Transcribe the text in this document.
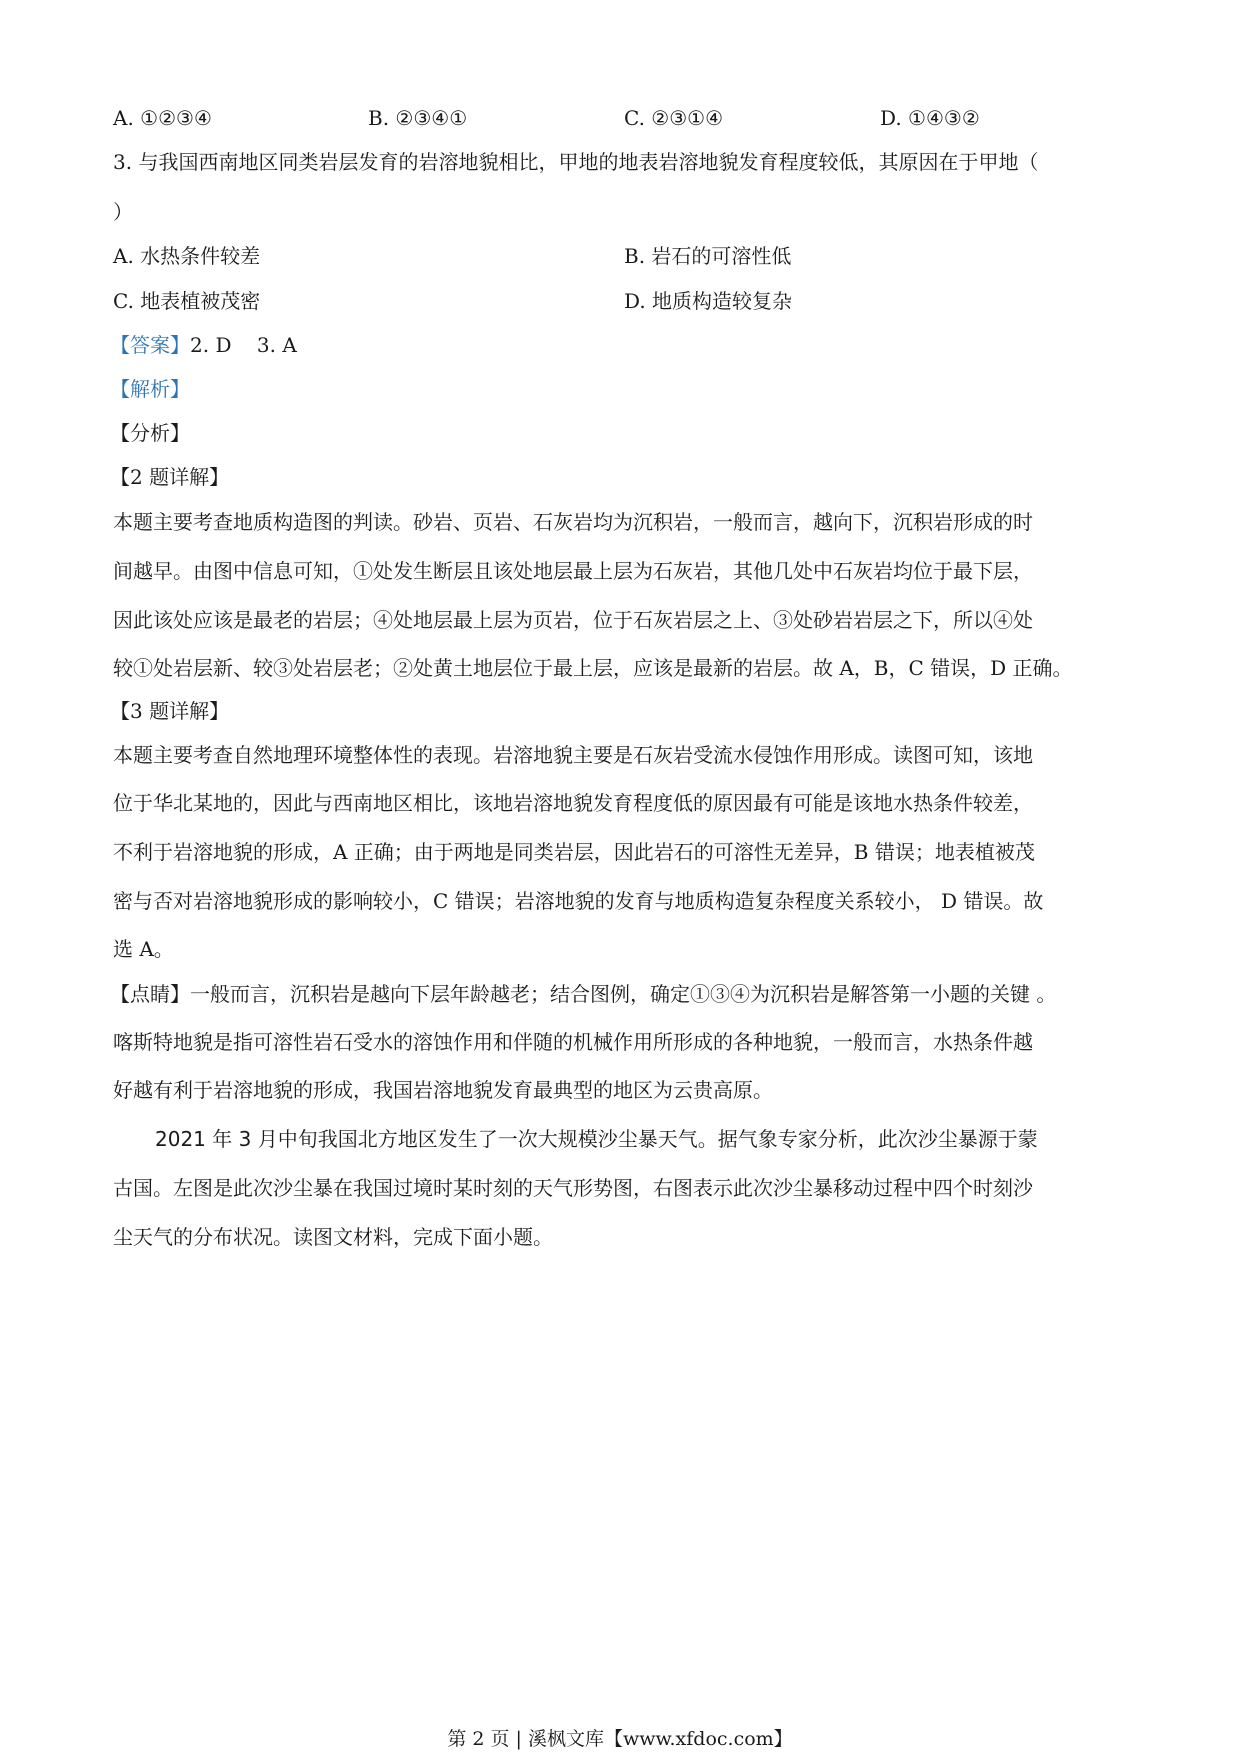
A. ①②③④	B. ②③④①	C. ②③①④	D. ①④③②
3. 与我国西南地区同类岩层发育的岩溶地貌相比，甲地的地表岩溶地貌发育程度较低，其原因在于甲地（
）
A. 水热条件较差	B. 岩石的可溶性低
C. 地表植被茂密	D. 地质构造较复杂
【答案】2. D    3. A
【解析】
【分析】
【2 题详解】
本题主要考查地质构造图的判读。砂岩、页岩、石灰岩均为沉积岩，一般而言，越向下，沉积岩形成的时
间越早。由图中信息可知，①处发生断层且该处地层最上层为石灰岩，其他几处中石灰岩均位于最下层，
因此该处应该是最老的岩层；④处地层最上层为页岩，位于石灰岩层之上、③处砂岩岩层之下，所以④处
较①处岩层新、较③处岩层老；②处黄土地层位于最上层，应该是最新的岩层。故 A，B，C 错误，D 正确。
【3 题详解】
本题主要考查自然地理环境整体性的表现。岩溶地貌主要是石灰岩受流水侵蚀作用形成。读图可知，该地
位于华北某地的，因此与西南地区相比，该地岩溶地貌发育程度低的原因最有可能是该地水热条件较差，
不利于岩溶地貌的形成，A 正确；由于两地是同类岩层，因此岩石的可溶性无差异，B 错误；地表植被茂
密与否对岩溶地貌形成的影响较小，C 错误；岩溶地貌的发育与地质构造复杂程度关系较小， D 错误。故
选 A。
【点睛】一般而言，沉积岩是越向下层年龄越老；结合图例，确定①③④为沉积岩是解答第一小题的关键 。
喀斯特地貌是指可溶性岩石受水的溶蚀作用和伴随的机械作用所形成的各种地貌，一般而言，水热条件越
好越有利于岩溶地貌的形成，我国岩溶地貌发育最典型的地区为云贵高原。
2021 年 3 月中旬我国北方地区发生了一次大规模沙尘暴天气。据气象专家分析，此次沙尘暴源于蒙
古国。左图是此次沙尘暴在我国过境时某时刻的天气形势图，右图表示此次沙尘暴移动过程中四个时刻沙
尘天气的分布状况。读图文材料，完成下面小题。
第 2 页 | 溪枫文库【www.xfdoc.com】
